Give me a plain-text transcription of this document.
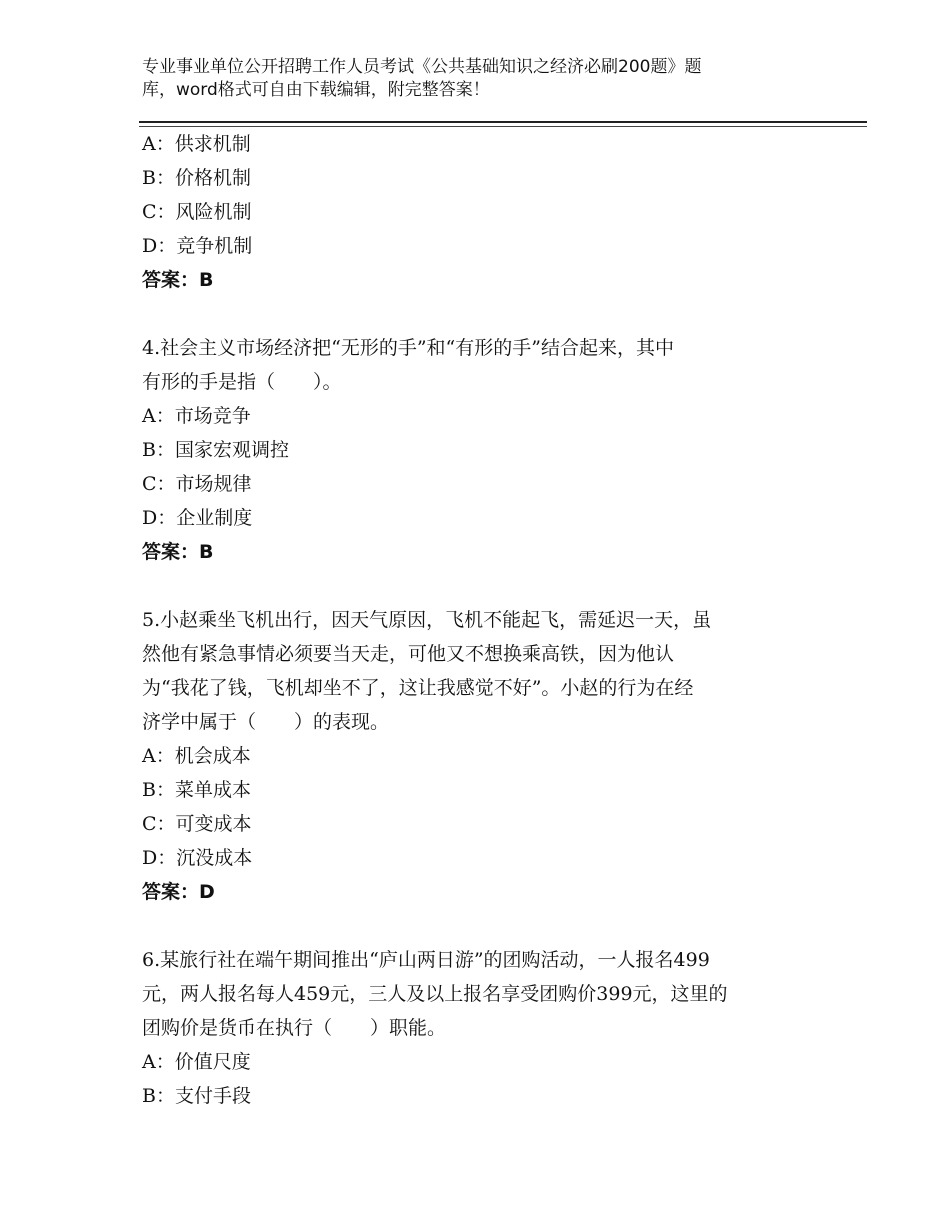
专业事业单位公开招聘工作人员考试《公共基础知识之经济必刷200题》题
库，word格式可自由下载编辑，附完整答案！
A：供求机制
B：价格机制
C：风险机制
D：竞争机制
答案：B
4.社会主义市场经济把“无形的手”和“有形的手”结合起来，其中
有形的手是指（　　）。
A：市场竞争
B：国家宏观调控
C：市场规律
D：企业制度
答案：B
5.小赵乘坐飞机出行，因天气原因，飞机不能起飞，需延迟一天，虽
然他有紧急事情必须要当天走，可他又不想换乘高铁，因为他认
为“我花了钱，飞机却坐不了，这让我感觉不好”。小赵的行为在经
济学中属于（　　）的表现。
A：机会成本
B：菜单成本
C：可变成本
D：沉没成本
答案：D
6.某旅行社在端午期间推出“庐山两日游”的团购活动，一人报名499
元，两人报名每人459元，三人及以上报名享受团购价399元，这里的
团购价是货币在执行（　　）职能。
A：价值尺度
B：支付手段
